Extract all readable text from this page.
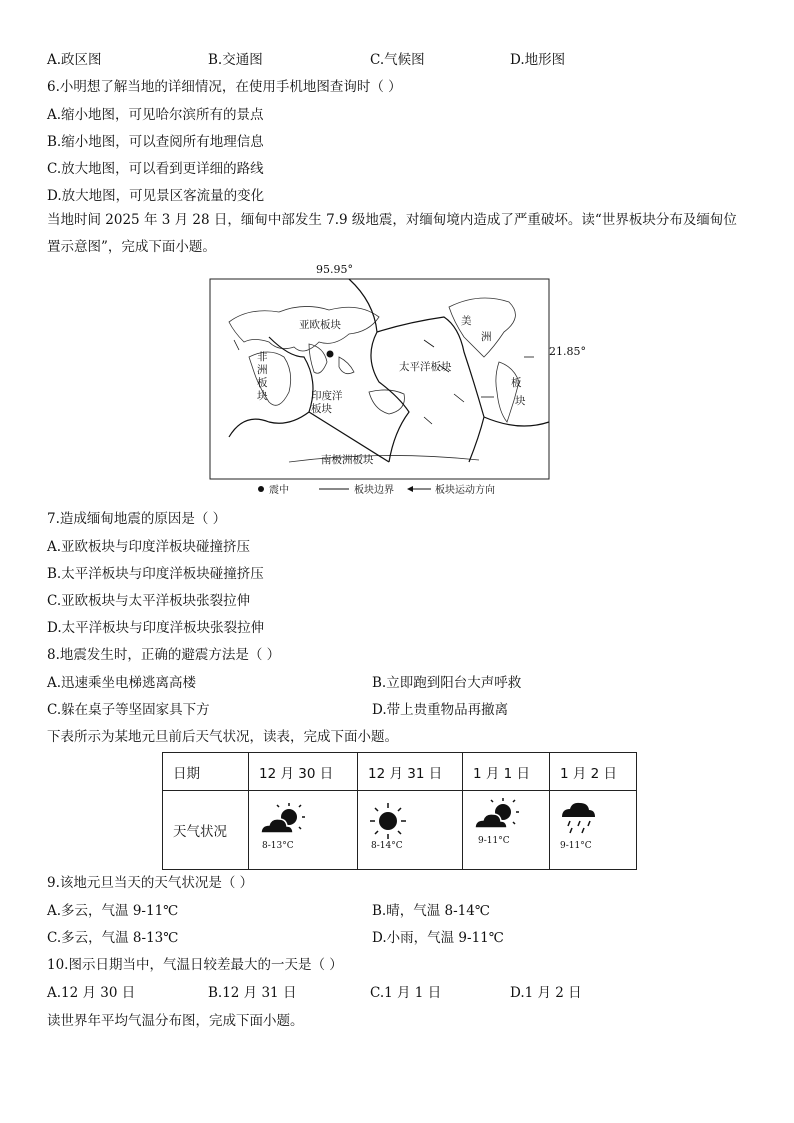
A.政区图	B.交通图	C.气候图	D.地形图
6.小明想了解当地的详细情况，在使用手机地图查询时（ ）
A.缩小地图，可见哈尔滨所有的景点
B.缩小地图，可以查阅所有地理信息
C.放大地图，可以看到更详细的路线
D.放大地图，可见景区客流量的变化
当地时间 2025 年 3 月 28 日，缅甸中部发生 7.9 级地震，对缅甸境内造成了严重破坏。读“世界板块分布及缅甸位置示意图”，完成下面小题。
95.95°
21.85°
亚欧板块
太平洋板块
南极洲板块
非
洲
板
块	印度洋
板块
美
洲
板
块
震中	板块边界	板块运动方向
7.造成缅甸地震的原因是（ ）
A.亚欧板块与印度洋板块碰撞挤压
B.太平洋板块与印度洋板块碰撞挤压
C.亚欧板块与太平洋板块张裂拉伸
D.太平洋板块与印度洋板块张裂拉伸
8.地震发生时，正确的避震方法是（ ）
A.迅速乘坐电梯逃离高楼	B.立即跑到阳台大声呼救
C.躲在桌子等坚固家具下方	D.带上贵重物品再撤离
下表所示为某地元旦前后天气状况，读表，完成下面小题。
日期	12 月 30 日	12 月 31 日	1 月 1 日	1 月 2 日
天气状况	8-13°C	8-14°C	9-11°C	9-11°C
9.该地元旦当天的天气状况是（ ）
A.多云，气温 9-11℃	B.晴，气温 8-14℃
C.多云，气温 8-13℃	D.小雨，气温 9-11℃
10.图示日期当中，气温日较差最大的一天是（ ）
A.12 月 30 日	B.12 月 31 日	C.1 月 1 日	D.1 月 2 日
读世界年平均气温分布图，完成下面小题。
